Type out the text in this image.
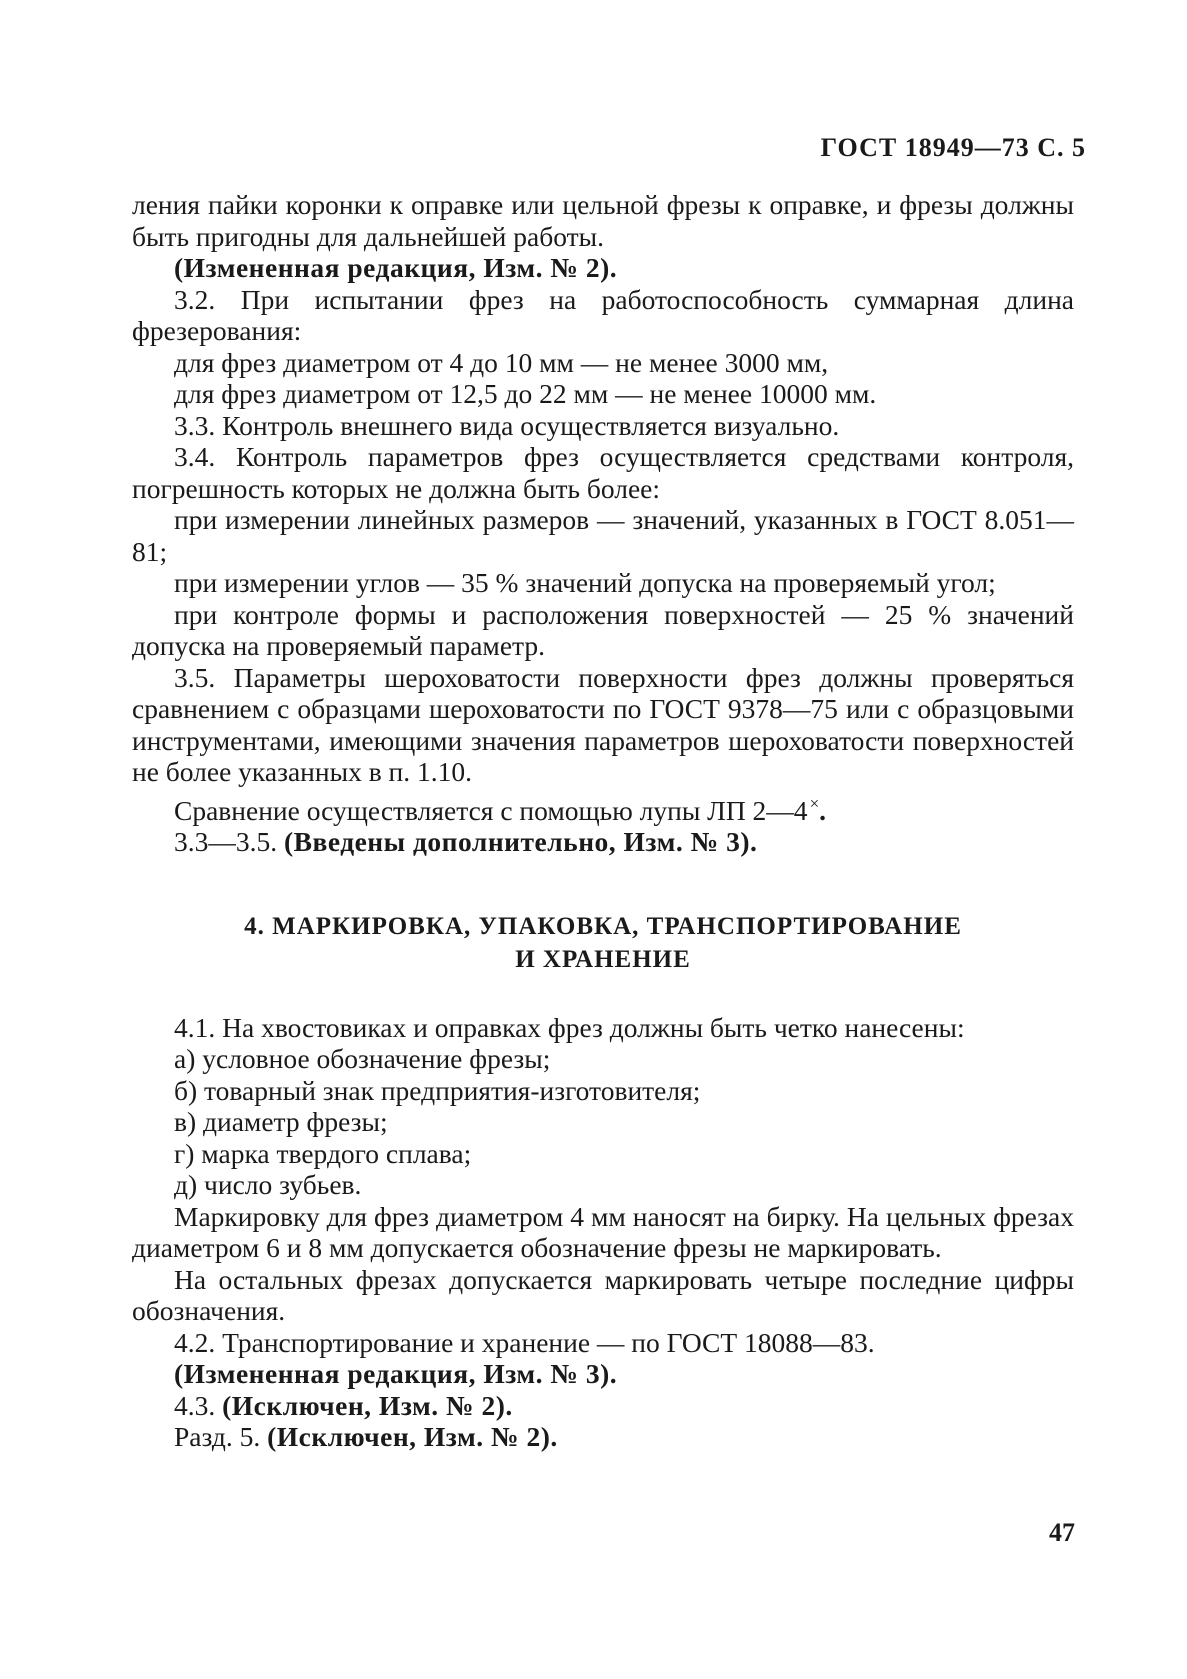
ГОСТ 18949—73 С. 5

ления пайки коронки к оправке или цельной фрезы к оправке, и фрезы должны быть пригодны для дальнейшей работы.

(Измененная редакция, Изм. № 2).

3.2. При испытании фрез на работоспособность суммарная длина фрезерования:

для фрез диаметром от 4 до 10 мм — не менее 3000 мм,

для фрез диаметром от 12,5 до 22 мм — не менее 10000 мм.

3.3. Контроль внешнего вида осуществляется визуально.

3.4. Контроль параметров фрез осуществляется средствами контроля, погрешность которых не должна быть более:

при измерении линейных размеров — значений, указанных в ГОСТ 8.051—81;

при измерении углов — 35 % значений допуска на проверяемый угол;

при контроле формы и расположения поверхностей — 25 % значений допуска на проверяемый параметр.

3.5. Параметры шероховатости поверхности фрез должны проверяться сравнением с образцами шероховатости по ГОСТ 9378—75 или с образцовыми инструментами, имеющими значения параметров шероховатости поверхностей не более указанных в п. 1.10.

Сравнение осуществляется с помощью лупы ЛП 2—4 ×.

3.3—3.5. (Введены дополнительно, Изм. № 3).

4. МАРКИРОВКА, УПАКОВКА, ТРАНСПОРТИРОВАНИЕ
И ХРАНЕНИЕ

4.1. На хвостовиках и оправках фрез должны быть четко нанесены:

а) условное обозначение фрезы;

б) товарный знак предприятия-изготовителя;

в) диаметр фрезы;

г) марка твердого сплава;

д) число зубьев.

Маркировку для фрез диаметром 4 мм наносят на бирку. На цельных фрезах диаметром 6 и 8 мм допускается обозначение фрезы не маркировать.

На остальных фрезах допускается маркировать четыре последние цифры обозначения.

4.2. Транспортирование и хранение — по ГОСТ 18088—83.

(Измененная редакция, Изм. № 3).

4.3. (Исключен, Изм. № 2).

Разд. 5. (Исключен, Изм. № 2).

47
